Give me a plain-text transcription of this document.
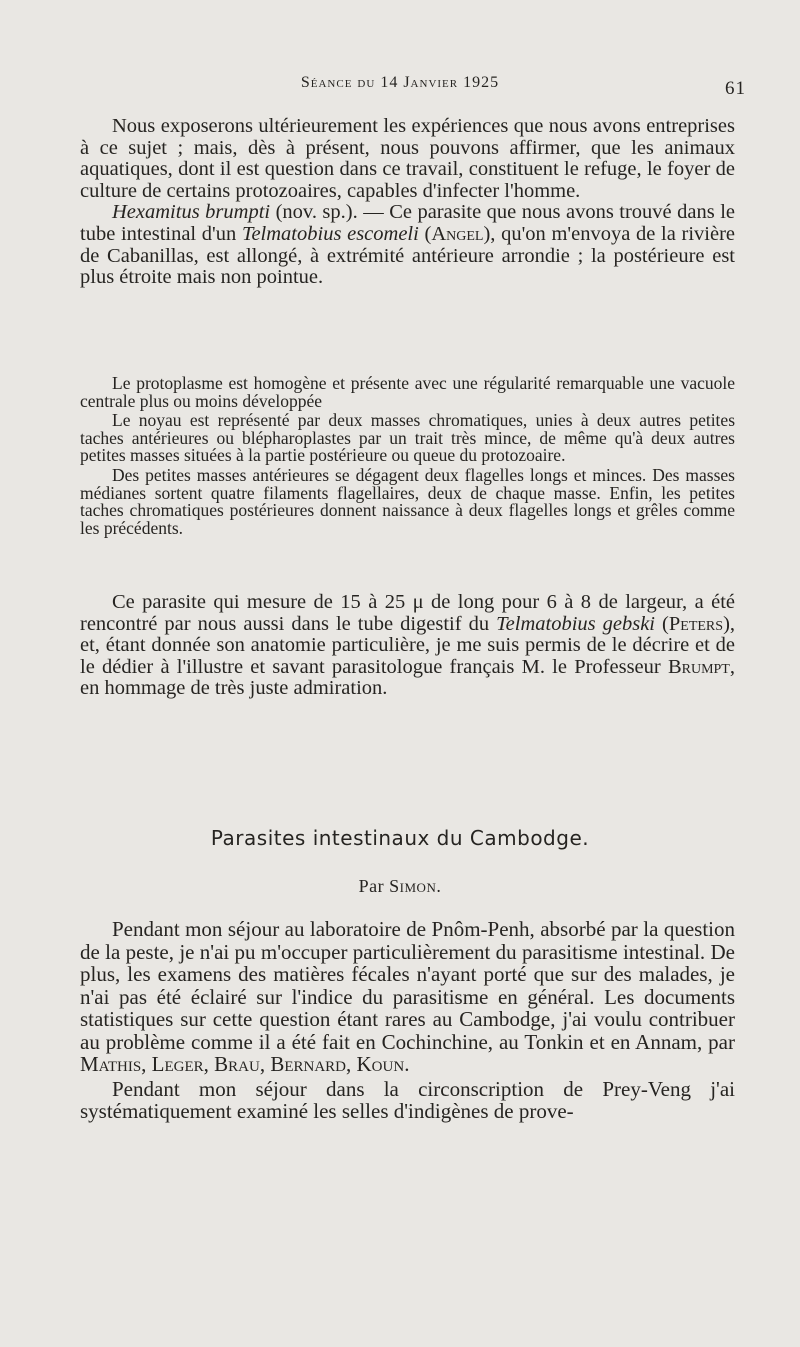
Séance du 14 Janvier 1925	61

Nous exposerons ultérieurement les expériences que nous avons entreprises à ce sujet ; mais, dès à présent, nous pouvons affirmer, que les animaux aquatiques, dont il est question dans ce travail, constituent le refuge, le foyer de culture de certains protozoaires, capables d'infecter l'homme.

Hexamitus brumpti (nov. sp.). — Ce parasite que nous avons trouvé dans le tube intestinal d'un Telmatobius escomeli (Angel), qu'on m'envoya de la rivière de Cabanillas, est allongé, à extrémité antérieure arrondie ; la postérieure est plus étroite mais non pointue.

Le protoplasme est homogène et présente avec une régularité remarquable une vacuole centrale plus ou moins développée

Le noyau est représenté par deux masses chromatiques, unies à deux autres petites taches antérieures ou blépharoplastes par un trait très mince, de même qu'à deux autres petites masses situées à la partie postérieure ou queue du protozoaire.

Des petites masses antérieures se dégagent deux flagelles longs et minces. Des masses médianes sortent quatre filaments flagellaires, deux de chaque masse. Enfin, les petites taches chromatiques postérieures donnent naissance à deux flagelles longs et grêles comme les précédents.

Ce parasite qui mesure de 15 à 25 μ de long pour 6 à 8 de largeur, a été rencontré par nous aussi dans le tube digestif du Telmatobius gebski (Peters), et, étant donnée son anatomie particulière, je me suis permis de le décrire et de le dédier à l'illustre et savant parasitologue français M. le Professeur Brumpt, en hommage de très juste admiration.

Parasites intestinaux du Cambodge.
Par Simon.

Pendant mon séjour au laboratoire de Pnôm-Penh, absorbé par la question de la peste, je n'ai pu m'occuper particulièrement du parasitisme intestinal. De plus, les examens des matières fécales n'ayant porté que sur des malades, je n'ai pas été éclairé sur l'indice du parasitisme en général. Les documents statistiques sur cette question étant rares au Cambodge, j'ai voulu contribuer au problème comme il a été fait en Cochinchine, au Tonkin et en Annam, par Mathis, Leger, Brau, Bernard, Koun.

Pendant mon séjour dans la circonscription de Prey-Veng j'ai systématiquement examiné les selles d'indigènes de prove-
